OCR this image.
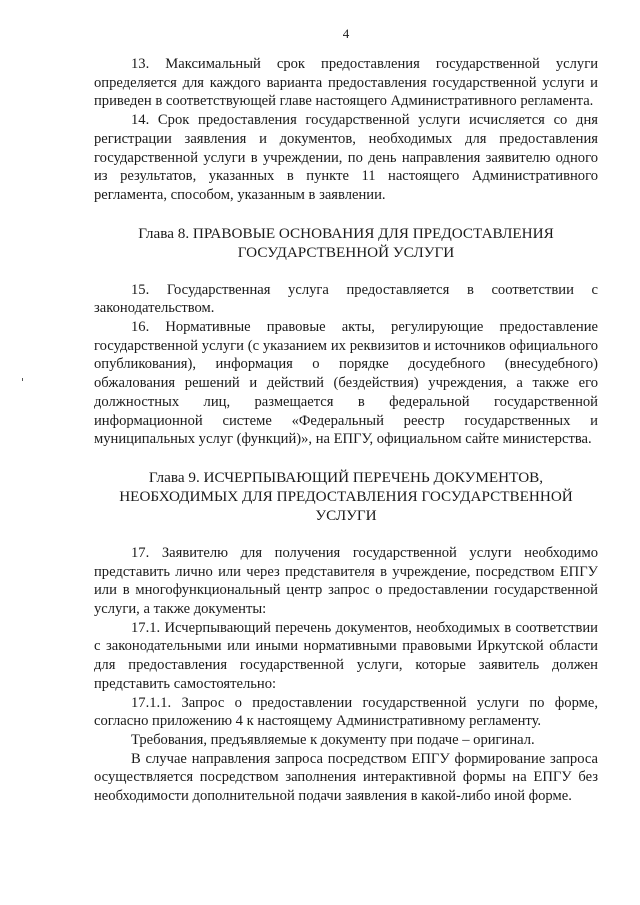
4

13. Максимальный срок предоставления государственной услуги определяется для каждого варианта предоставления государственной услуги и приведен в соответствующей главе настоящего Административного регламента.

14. Срок предоставления государственной услуги исчисляется со дня регистрации заявления и документов, необходимых для предоставления государственной услуги в учреждении, по день направления заявителю одного из результатов, указанных в пункте 11 настоящего Административного регламента, способом, указанным в заявлении.

Глава 8. ПРАВОВЫЕ ОСНОВАНИЯ ДЛЯ ПРЕДОСТАВЛЕНИЯ

ГОСУДАРСТВЕННОЙ УСЛУГИ

15. Государственная услуга предоставляется в соответствии с законодательством.

16. Нормативные правовые акты, регулирующие предоставление государственной услуги (с указанием их реквизитов и источников официального опубликования), информация о порядке досудебного (внесудебного) обжалования решений и действий (бездействия) учреждения, а также его должностных лиц, размещается в федеральной государственной информационной системе «Федеральный реестр государственных и муниципальных услуг (функций)», на ЕПГУ, официальном сайте министерства.

Глава 9. ИСЧЕРПЫВАЮЩИЙ ПЕРЕЧЕНЬ ДОКУМЕНТОВ,

НЕОБХОДИМЫХ ДЛЯ ПРЕДОСТАВЛЕНИЯ ГОСУДАРСТВЕННОЙ

УСЛУГИ

17. Заявителю для получения государственной услуги необходимо представить лично или через представителя в учреждение, посредством ЕПГУ или в многофункциональный центр запрос о предоставлении государственной услуги, а также документы:

17.1. Исчерпывающий перечень документов, необходимых в соответствии с законодательными или иными нормативными правовыми Иркутской области для предоставления государственной услуги, которые заявитель должен представить самостоятельно:

17.1.1. Запрос о предоставлении государственной услуги по форме, согласно приложению 4 к настоящему Административному регламенту.

Требования, предъявляемые к документу при подаче – оригинал.

В случае направления запроса посредством ЕПГУ формирование запроса осуществляется посредством заполнения интерактивной формы на ЕПГУ без необходимости дополнительной подачи заявления в какой-либо иной форме.
